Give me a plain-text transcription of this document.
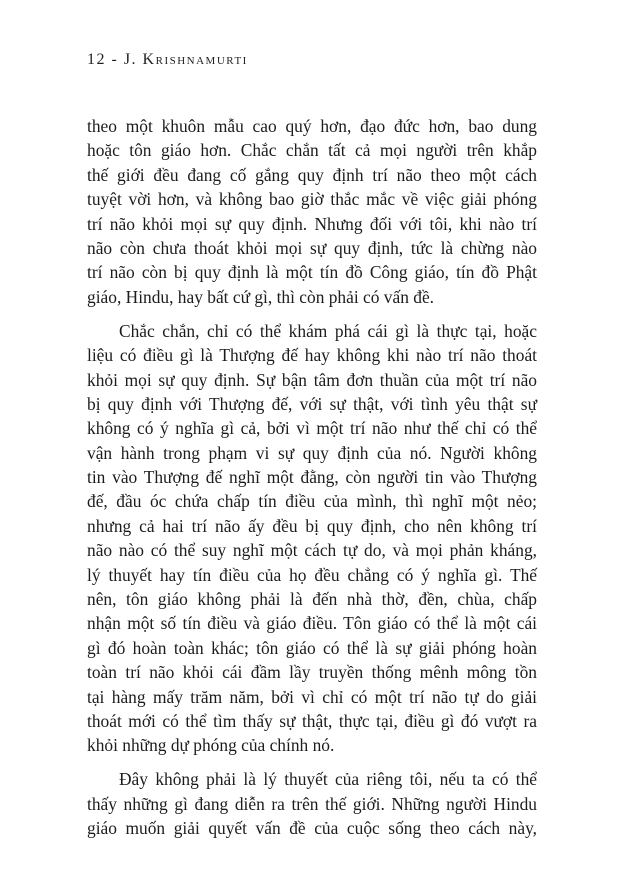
12 - J. Krishnamurti

theo một khuôn mẫu cao quý hơn, đạo đức hơn, bao dung
hoặc tôn giáo hơn. Chắc chắn tất cả mọi người trên khắp
thế giới đều đang cố gắng quy định trí não theo một cách
tuyệt vời hơn, và không bao giờ thắc mắc về việc giải phóng
trí não khỏi mọi sự quy định. Nhưng đối với tôi, khi nào trí
não còn chưa thoát khỏi mọi sự quy định, tức là chừng nào
trí não còn bị quy định là một tín đồ Công giáo, tín đồ Phật
giáo, Hindu, hay bất cứ gì, thì còn phải có vấn đề.

Chắc chắn, chỉ có thể khám phá cái gì là thực tại, hoặc
liệu có điều gì là Thượng đế hay không khi nào trí não thoát
khỏi mọi sự quy định. Sự bận tâm đơn thuần của một trí não
bị quy định với Thượng đế, với sự thật, với tình yêu thật sự
không có ý nghĩa gì cả, bởi vì một trí não như thế chỉ có thể
vận hành trong phạm vi sự quy định của nó. Người không
tin vào Thượng đế nghĩ một đằng, còn người tin vào Thượng
đế, đầu óc chứa chấp tín điều của mình, thì nghĩ một nẻo;
nhưng cả hai trí não ấy đều bị quy định, cho nên không trí
não nào có thể suy nghĩ một cách tự do, và mọi phản kháng,
lý thuyết hay tín điều của họ đều chẳng có ý nghĩa gì. Thế
nên, tôn giáo không phải là đến nhà thờ, đền, chùa, chấp
nhận một số tín điều và giáo điều. Tôn giáo có thể là một cái
gì đó hoàn toàn khác; tôn giáo có thể là sự giải phóng hoàn
toàn trí não khỏi cái đầm lầy truyền thống mênh mông tồn
tại hàng mấy trăm năm, bởi vì chỉ có một trí não tự do giải
thoát mới có thể tìm thấy sự thật, thực tại, điều gì đó vượt ra
khỏi những dự phóng của chính nó.

Đây không phải là lý thuyết của riêng tôi, nếu ta có thể
thấy những gì đang diễn ra trên thế giới. Những người Hindu
giáo muốn giải quyết vấn đề của cuộc sống theo cách này,
